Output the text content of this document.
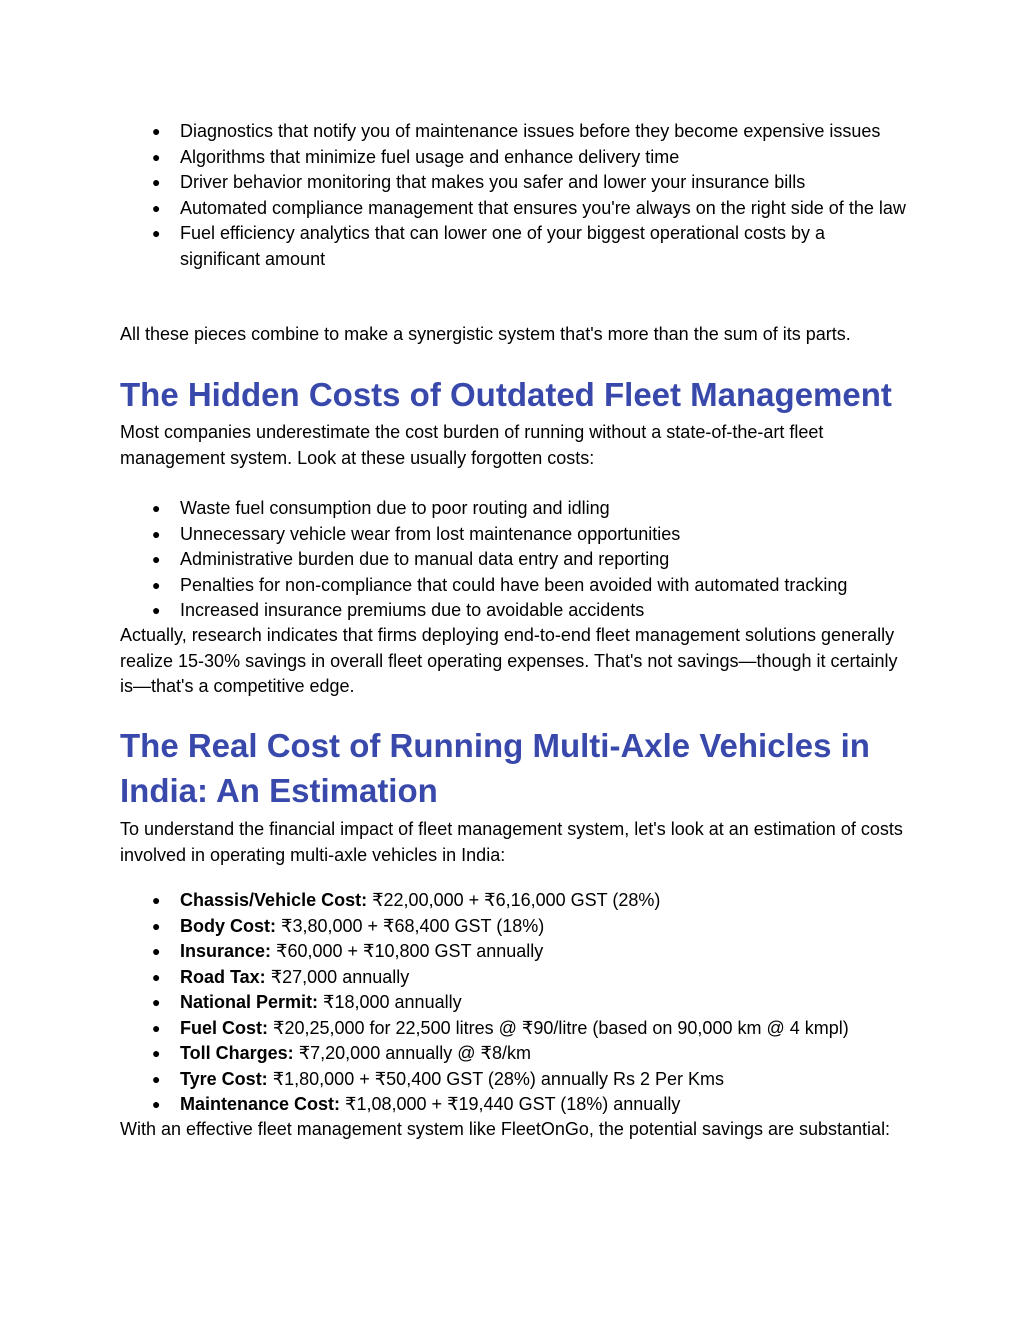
● Diagnostics that notify you of maintenance issues before they become expensive issues
● Algorithms that minimize fuel usage and enhance delivery time
● Driver behavior monitoring that makes you safer and lower your insurance bills
● Automated compliance management that ensures you're always on the right side of the law
● Fuel efficiency analytics that can lower one of your biggest operational costs by a significant amount

All these pieces combine to make a synergistic system that's more than the sum of its parts.

The Hidden Costs of Outdated Fleet Management

Most companies underestimate the cost burden of running without a state-of-the-art fleet management system. Look at these usually forgotten costs:

● Waste fuel consumption due to poor routing and idling
● Unnecessary vehicle wear from lost maintenance opportunities
● Administrative burden due to manual data entry and reporting
● Penalties for non-compliance that could have been avoided with automated tracking
● Increased insurance premiums due to avoidable accidents

Actually, research indicates that firms deploying end-to-end fleet management solutions generally realize 15-30% savings in overall fleet operating expenses. That's not savings—though it certainly is—that's a competitive edge.

The Real Cost of Running Multi-Axle Vehicles in
India: An Estimation

To understand the financial impact of fleet management system, let's look at an estimation of costs involved in operating multi-axle vehicles in India:

● Chassis/Vehicle Cost: ₹22,00,000 + ₹6,16,000 GST (28%)
● Body Cost: ₹3,80,000 + ₹68,400 GST (18%)
● Insurance: ₹60,000 + ₹10,800 GST annually
● Road Tax: ₹27,000 annually
● National Permit: ₹18,000 annually
● Fuel Cost: ₹20,25,000 for 22,500 litres @ ₹90/litre (based on 90,000 km @ 4 kmpl)
● Toll Charges: ₹7,20,000 annually @ ₹8/km
● Tyre Cost: ₹1,80,000 + ₹50,400 GST (28%) annually Rs 2 Per Kms
● Maintenance Cost: ₹1,08,000 + ₹19,440 GST (18%) annually

With an effective fleet management system like FleetOnGo, the potential savings are substantial:
